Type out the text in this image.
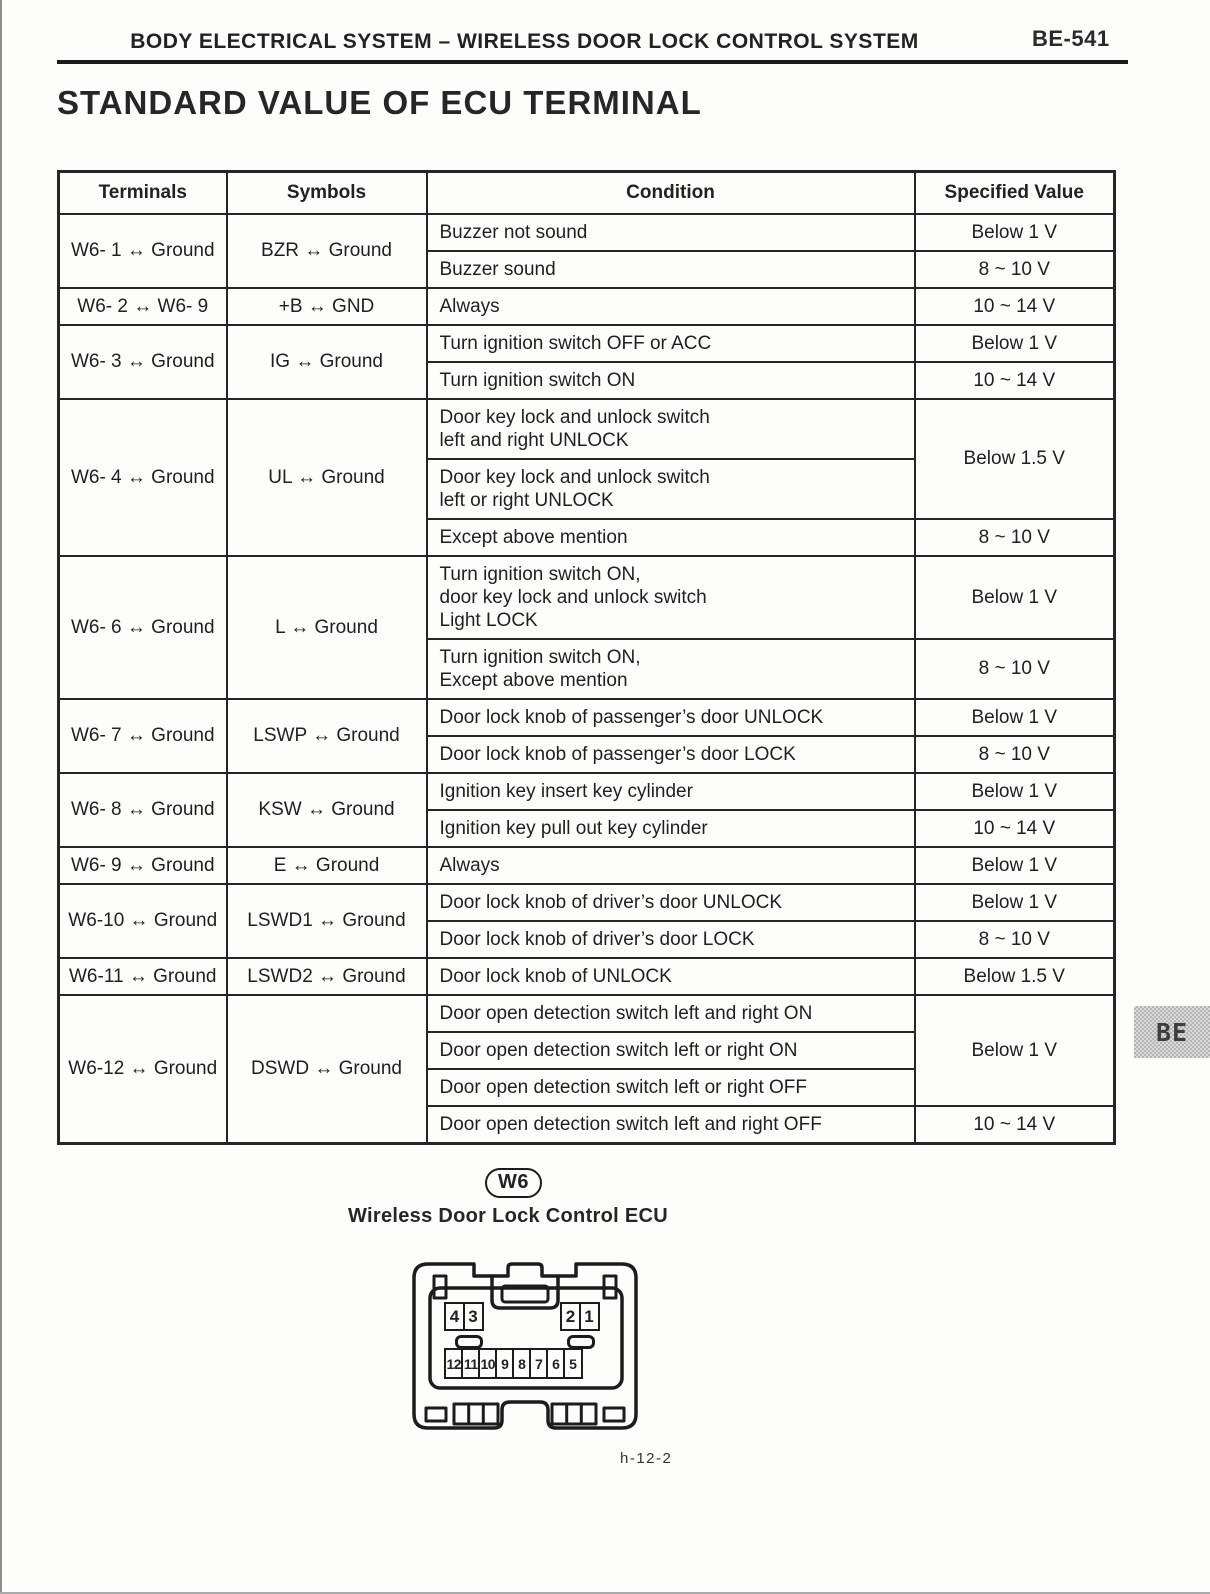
BODY ELECTRICAL SYSTEM – WIRELESS DOOR LOCK CONTROL SYSTEM	BE-541
STANDARD VALUE OF ECU TERMINAL
Terminals	Symbols	Condition	Specified Value
W6- 1 ↔ Ground	BZR ↔ Ground	Buzzer not sound	Below 1 V

		Buzzer sound	8 ~ 10 V
W6- 2 ↔ W6- 9	+B ↔ GND	Always	10 ~ 14 V
W6- 3 ↔ Ground	IG ↔ Ground	Turn ignition switch OFF or ACC	Below 1 V

		Turn ignition switch ON	10 ~ 14 V
W6- 4 ↔ Ground	UL ↔ Ground	Door key lock and unlock switch
left and right UNLOCK	Below 1.5 V

		Door key lock and unlock switch
left or right UNLOCK	

		Except above mention	8 ~ 10 V
W6- 6 ↔ Ground	L ↔ Ground	Turn ignition switch ON,
door key lock and unlock switch
Light LOCK	Below 1 V

		Turn ignition switch ON,
Except above mention	8 ~ 10 V
W6- 7 ↔ Ground	LSWP ↔ Ground	Door lock knob of passenger’s door UNLOCK	Below 1 V

		Door lock knob of passenger’s door LOCK	8 ~ 10 V
W6- 8 ↔ Ground	KSW ↔ Ground	Ignition key insert key cylinder	Below 1 V

		Ignition key pull out key cylinder	10 ~ 14 V
W6- 9 ↔ Ground	E ↔ Ground	Always	Below 1 V
W6-10 ↔ Ground	LSWD1 ↔ Ground	Door lock knob of driver’s door UNLOCK	Below 1 V

		Door lock knob of driver’s door LOCK	8 ~ 10 V
W6-11 ↔ Ground	LSWD2 ↔ Ground	Door lock knob of UNLOCK	Below 1.5 V
W6-12 ↔ Ground	DSWD ↔ Ground	Door open detection switch left and right ON	Below 1 V

		Door open detection switch left or right ON	

		Door open detection switch left or right OFF	

		Door open detection switch left and right OFF	10 ~ 14 V
W6
Wireless Door Lock Control ECU
4 3	2 1
12 11 10 9 8 7 6 5
h-12-2
BE
